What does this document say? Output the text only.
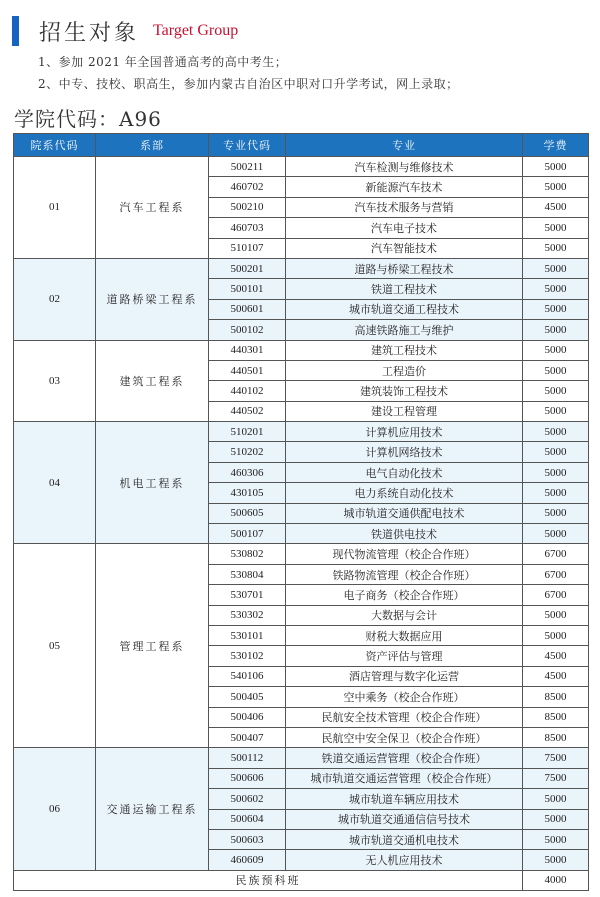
招生对象 Target Group
1、参加 2021 年全国普通高考的高中考生；
2、中专、技校、职高生，参加内蒙古自治区中职对口升学考试，网上录取；
学院代码：A96
院系代码	系部	专业代码	专业	学费
01	汽车工程系	500211	汽车检测与维修技术	5000
		460702	新能源汽车技术	5000
		500210	汽车技术服务与营销	4500
		460703	汽车电子技术	5000
		510107	汽车智能技术	5000
02	道路桥梁工程系	500201	道路与桥梁工程技术	5000
		500101	铁道工程技术	5000
		500601	城市轨道交通工程技术	5000
		500102	高速铁路施工与维护	5000
03	建筑工程系	440301	建筑工程技术	5000
		440501	工程造价	5000
		440102	建筑装饰工程技术	5000
		440502	建设工程管理	5000
04	机电工程系	510201	计算机应用技术	5000
		510202	计算机网络技术	5000
		460306	电气自动化技术	5000
		430105	电力系统自动化技术	5000
		500605	城市轨道交通供配电技术	5000
		500107	铁道供电技术	5000
05	管理工程系	530802	现代物流管理（校企合作班）	6700
		530804	铁路物流管理（校企合作班）	6700
		530701	电子商务（校企合作班）	6700
		530302	大数据与会计	5000
		530101	财税大数据应用	5000
		530102	资产评估与管理	4500
		540106	酒店管理与数字化运营	4500
		500405	空中乘务（校企合作班）	8500
		500406	民航安全技术管理（校企合作班）	8500
		500407	民航空中安全保卫（校企合作班）	8500
06	交通运输工程系	500112	铁道交通运营管理（校企合作班）	7500
		500606	城市轨道交通运营管理（校企合作班）	7500
		500602	城市轨道车辆应用技术	5000
		500604	城市轨道交通通信信号技术	5000
		500603	城市轨道交通机电技术	5000
		460609	无人机应用技术	5000
民族预科班				4000
